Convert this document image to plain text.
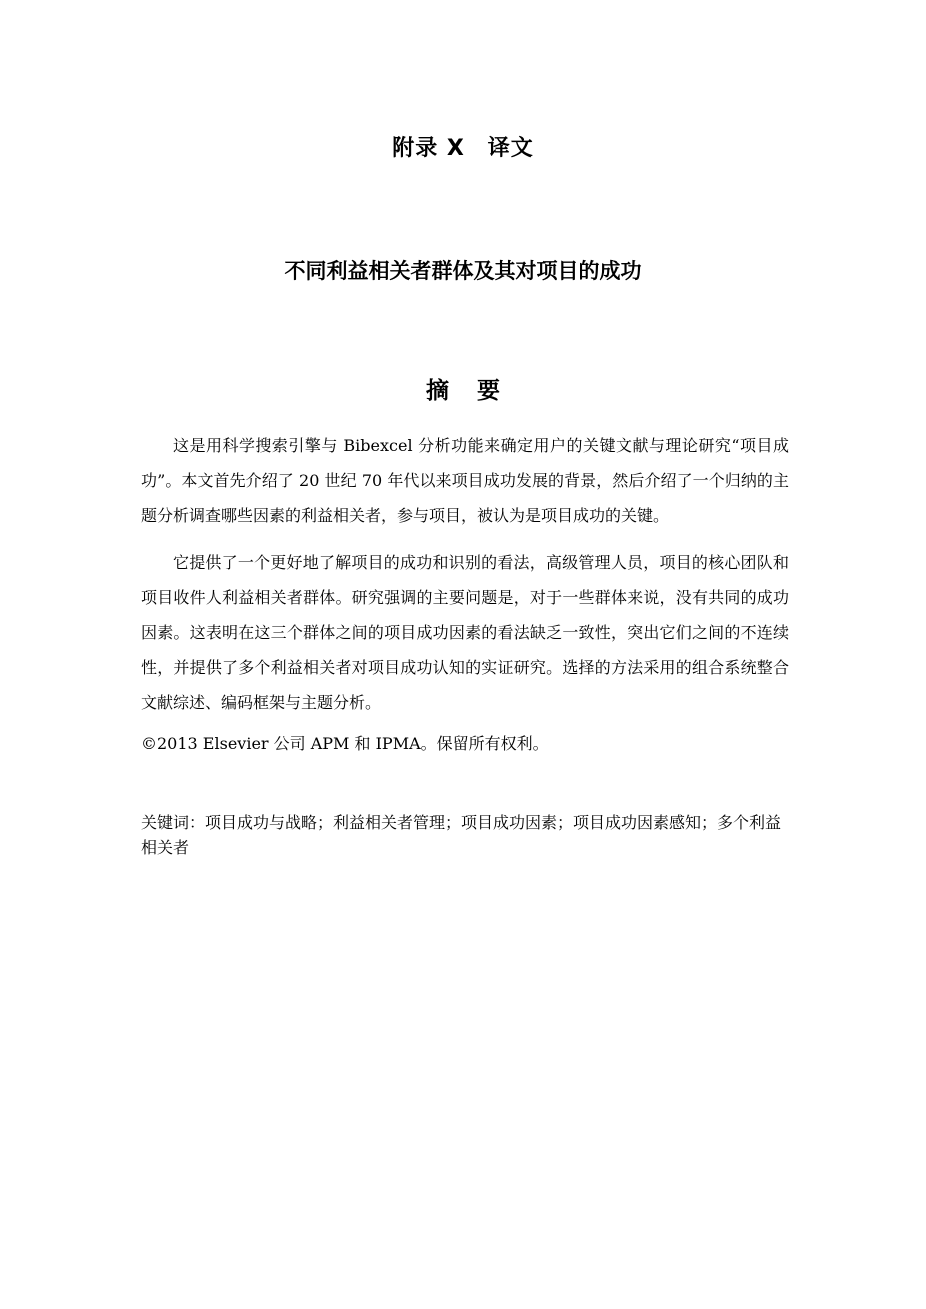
附录 X　译文
不同利益相关者群体及其对项目的成功
摘要

这是用科学搜索引擎与 Bibexcel 分析功能来确定用户的关键文献与理论研究“项目成功”。本文首先介绍了 20 世纪 70 年代以来项目成功发展的背景，然后介绍了一个归纳的主题分析调查哪些因素的利益相关者，参与项目，被认为是项目成功的关键。

它提供了一个更好地了解项目的成功和识别的看法，高级管理人员，项目的核心团队和项目收件人利益相关者群体。研究强调的主要问题是，对于一些群体来说，没有共同的成功因素。这表明在这三个群体之间的项目成功因素的看法缺乏一致性，突出它们之间的不连续性，并提供了多个利益相关者对项目成功认知的实证研究。选择的方法采用的组合系统整合文献综述、编码框架与主题分析。

©2013 Elsevier 公司 APM 和 IPMA。保留所有权利。

关键词：项目成功与战略；利益相关者管理；项目成功因素；项目成功因素感知；多个利益相关者
